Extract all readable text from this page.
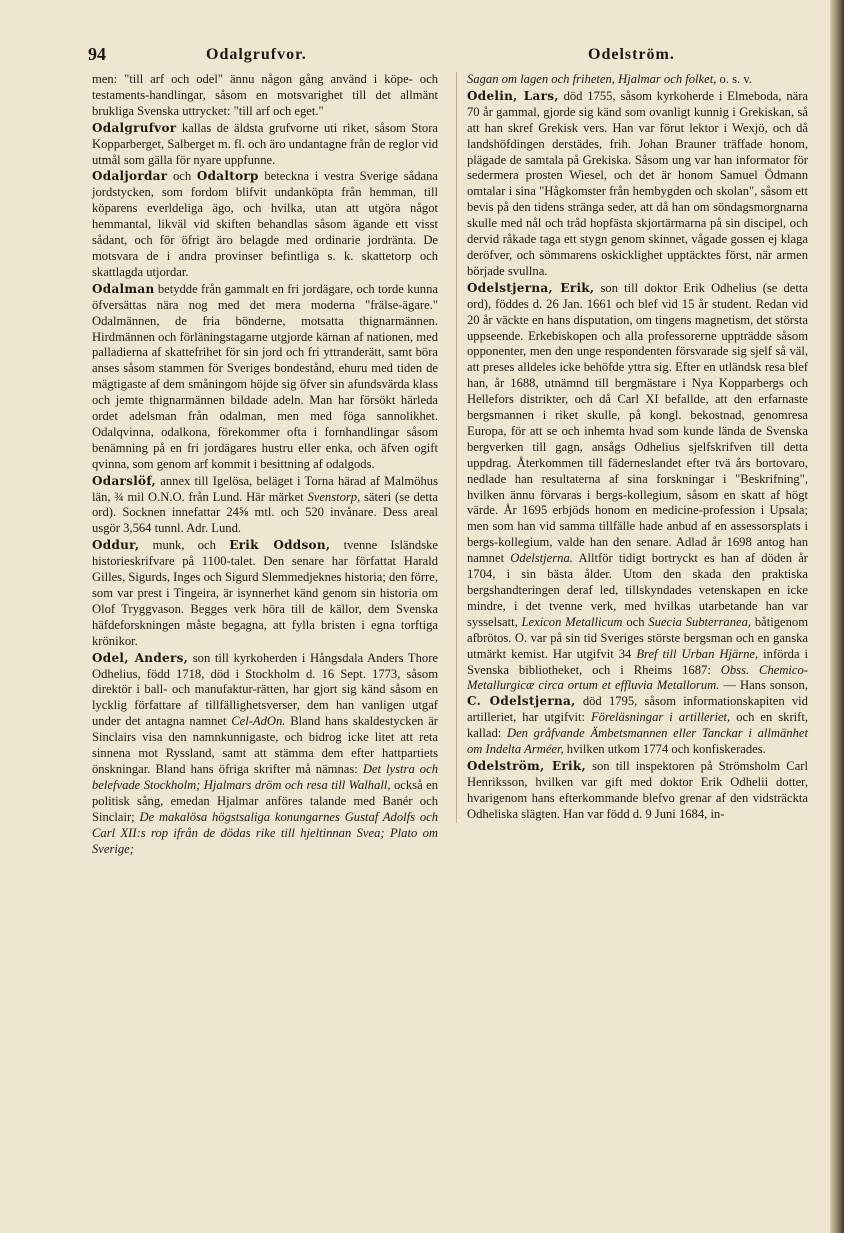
94	Odalgrufvor.	Odelström.

men: "till arf och odel" ännu någon gång använd i köpe- och testaments-handlingar, såsom en motsvarighet till det allmänt brukliga Svenska uttrycket: "till arf och eget."

Odalgrufvor kallas de äldsta grufvorne uti riket, såsom Stora Kopparberget, Salberget m. fl. och äro undantagne från de reglor vid utmål som gälla för nyare uppfunne.

Odaljordar och Odaltorp beteckna i vestra Sverige sådana jordstycken, som fordom blifvit undanköpta från hemman, till köparens everldeliga ägo, och hvilka, utan att utgöra något hemmantal, likväl vid skiften behandlas såsom ägande ett visst sådant, och för öfrigt äro belagde med ordinarie jordränta. De motsvara de i andra provinser befintliga s. k. skattetorp och skattlagda utjordar.

Odalman betydde från gammalt en fri jordägare, och torde kunna öfversättas nära nog med det mera moderna "frälse-ägare." Odalmännen, de fria bönderne, motsatta thignarmännen. Hirdmännen och förläningstagarne utgjorde kärnan af nationen, med palladierna af skattefrihet för sin jord och fri yttranderätt, samt böra anses såsom stammen för Sveriges bondestånd, ehuru med tiden de mägtigaste af dem småningom höjde sig öfver sin afundsvärda klass och jemte thignarmännen bildade adeln. Man har försökt härleda ordet adelsman från odalman, men med föga sannolikhet. Odalqvinna, odalkona, förekommer ofta i fornhandlingar såsom benämning på en fri jordägares hustru eller enka, och äfven ogift qvinna, som genom arf kommit i besittning af odalgods.

Odarslöf, annex till Igelösa, beläget i Torna härad af Malmöhus län, ¾ mil O.N.O. från Lund. Här märket Svenstorp, säteri (se detta ord). Socknen innefattar 24⅝ mtl. och 520 invånare. Dess areal usgör 3,564 tunnl. Adr. Lund.

Oddur, munk, och Erik Oddson, tvenne Isländske historieskrifvare på 1100-talet. Den senare har författat Harald Gilles, Sigurds, Inges och Sigurd Slemmedjeknes historia; den förre, som var prest i Tingeira, är isynnerhet känd genom sin historia om Olof Tryggvason. Begges verk höra till de källor, dem Svenska häfdeforskningen måste begagna, att fylla bristen i egna torftiga krönikor.

Odel, Anders, son till kyrkoherden i Hångsdala Anders Thore Odhelius, född 1718, död i Stockholm d. 16 Sept. 1773, såsom direktör i ball- och manufaktur-rätten, har gjort sig känd såsom en lycklig författare af tillfällighetsverser, dem han vanligen utgaf under det antagna namnet Cel-AdOn. Bland hans skaldestycken är Sinclairs visa den namnkunnigaste, och bidrog icke litet att reta sinnena mot Ryssland, samt att stämma dem efter hattpartiets önskningar. Bland hans öfriga skrifter må nämnas: Det lystra och belefvade Stockholm; Hjalmars dröm och resa till Walhall, också en politisk sång, emedan Hjalmar anföres talande med Banér och Sinclair; De makalösa högstsaliga konungarnes Gustaf Adolfs och Carl XII:s rop ifrån de dödas rike till hjeltinnan Svea; Plato om Sverige;

Sagan om lagen och friheten, Hjalmar och folket, o. s. v.

Odelin, Lars, död 1755, såsom kyrkoherde i Elmeboda, nära 70 år gammal, gjorde sig känd som ovanligt kunnig i Grekiskan, så att han skref Grekisk vers. Han var förut lektor i Wexjö, och då landshöfdingen derstädes, frih. Johan Brauner träffade honom, plägade de samtala på Grekiska. Såsom ung var han informator för sedermera prosten Wiesel, och det är honom Samuel Ödmann omtalar i sina "Hågkomster från hembygden och skolan", såsom ett bevis på den tidens stränga seder, att då han om söndagsmorgnarna skulle med nål och tråd hopfästa skjortärmarna på sin discipel, och dervid råkade taga ett stygn genom skinnet, vågade gossen ej klaga deröfver, och sömmarens oskicklighet upptäcktes först, när armen började svullna.

Odelstjerna, Erik, son till doktor Erik Odhelius (se detta ord), föddes d. 26 Jan. 1661 och blef vid 15 år student. Redan vid 20 år väckte en hans disputation, om tingens magnetism, det största uppseende. Erkebiskopen och alla professorerne uppträdde såsom opponenter, men den unge respondenten försvarade sig sjelf så väl, att preses alldeles icke behöfde yttra sig. Efter en utländsk resa blef han, år 1688, utnämnd till bergmästare i Nya Kopparbergs och Hellefors distrikter, och då Carl XI befallde, att den erfarnaste bergsmannen i riket skulle, på kongl. bekostnad, genomresa Europa, för att se och inhemta hvad som kunde lända de Svenska bergverken till gagn, ansågs Odhelius sjelfskrifven till detta uppdrag. Återkommen till fäderneslandet efter tvä års bortovaro, nedlade han resultaterna af sina forskningar i "Beskrifning", hvilken ännu förvaras i bergs-kollegium, såsom en skatt af högt värde. År 1695 erbjöds honom en medicine-profession i Upsala; men som han vid samma tillfälle hade anbud af en assessorsplats i bergs-kollegium, valde han den senare. Adlad år 1698 antog han namnet Odelstjerna. Alltför tidigt bortryckt es han af döden år 1704, i sin bästa ålder. Utom den skada den praktiska bergshandteringen deraf led, tillskyndades vetenskapen en icke mindre, i det tvenne verk, med hvilkas utarbetande han var sysselsatt, Lexicon Metallicum och Suecia Subterranea, båtigenom afbrötos. O. var på sin tid Sveriges störste bergsman och en ganska utmärkt kemist. Har utgifvit 34 Bref till Urban Hjärne, införda i Svenska bibliotheket, och i Rheims 1687: Obss. Chemico-Metallurgicæ circa ortum et effluvia Metallorum. — Hans sonson, C. Odelstjerna, död 1795, såsom informationskapiten vid artilleriet, har utgifvit: Föreläsningar i artilleriet, och en skrift, kallad: Den gråfvande Ämbetsmannen eller Tanckar i allmänhet om Indelta Arméer, hvilken utkom 1774 och konfiskerades.

Odelström, Erik, son till inspektoren på Strömsholm Carl Henriksson, hvilken var gift med doktor Erik Odhelii dotter, hvarigenom hans efterkommande blefvo grenar af den vidsträckta Odheliska slägten. Han var född d. 9 Juni 1684, in-
